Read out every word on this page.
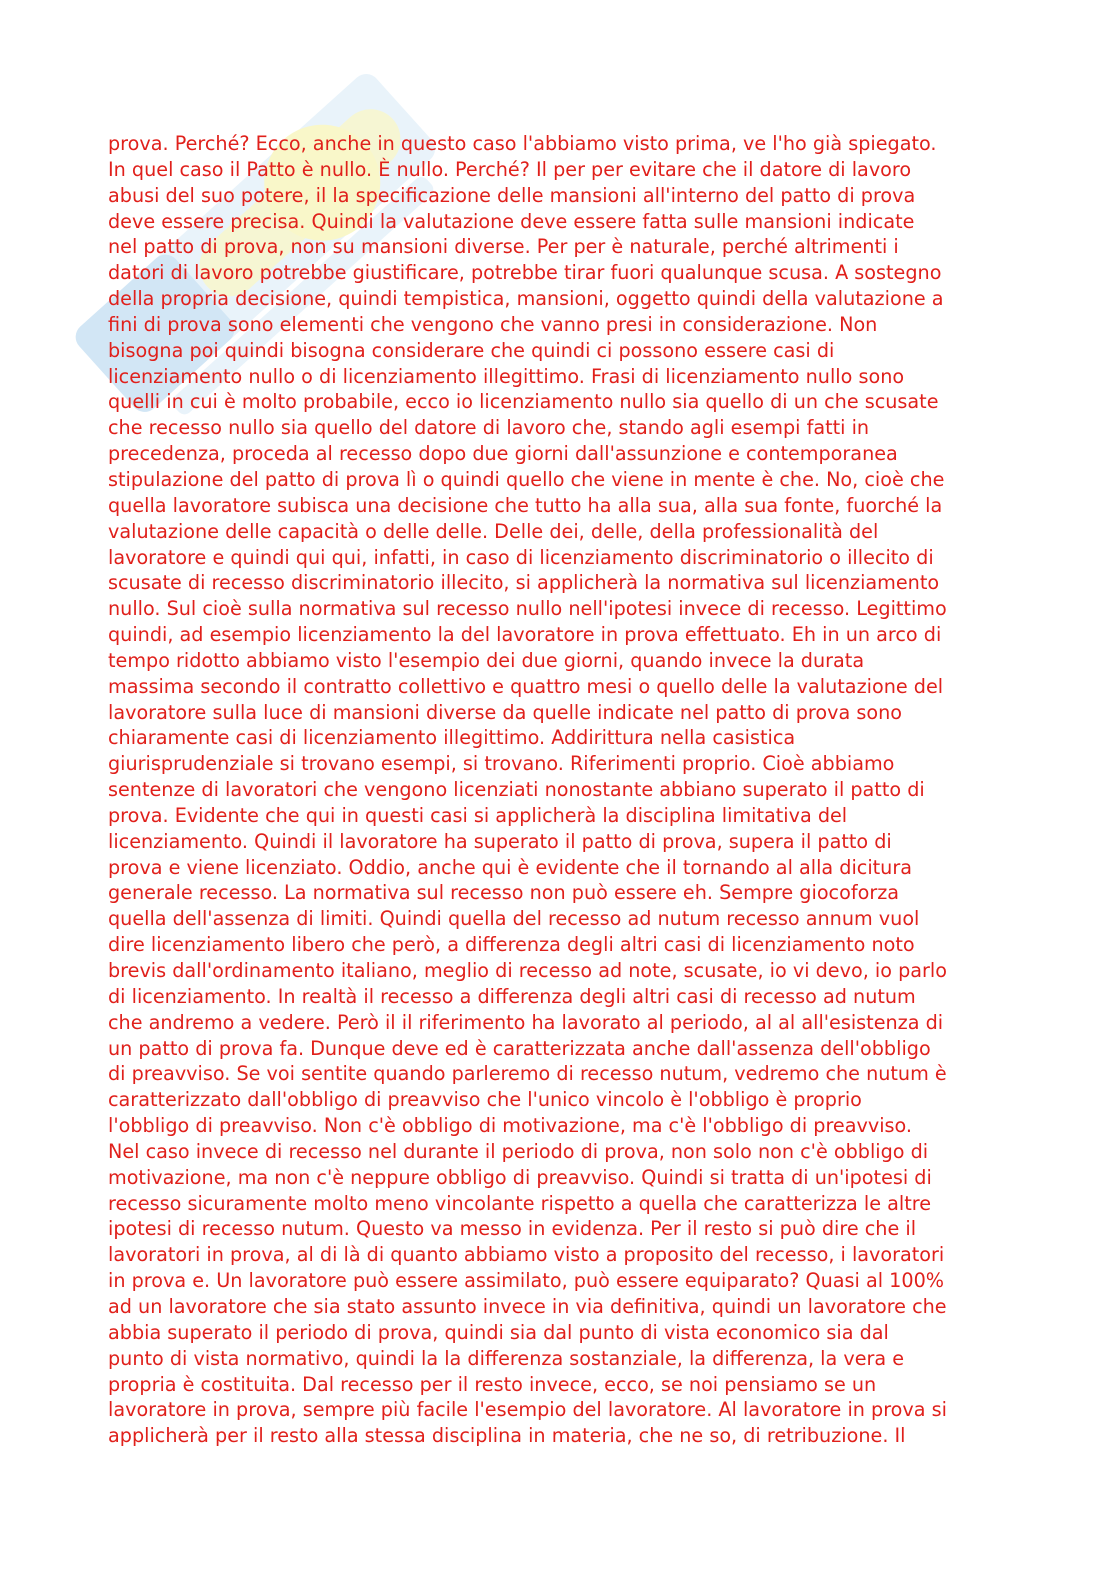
prova. Perché? Ecco, anche in questo caso l'abbiamo visto prima, ve l'ho già spiegato.
In quel caso il Patto è nullo. È nullo. Perché? Il per per evitare che il datore di lavoro
abusi del suo potere, il la specificazione delle mansioni all'interno del patto di prova
deve essere precisa. Quindi la valutazione deve essere fatta sulle mansioni indicate
nel patto di prova, non su mansioni diverse. Per per è naturale, perché altrimenti i
datori di lavoro potrebbe giustificare, potrebbe tirar fuori qualunque scusa. A sostegno
della propria decisione, quindi tempistica, mansioni, oggetto quindi della valutazione a
fini di prova sono elementi che vengono che vanno presi in considerazione. Non
bisogna poi quindi bisogna considerare che quindi ci possono essere casi di
licenziamento nullo o di licenziamento illegittimo. Frasi di licenziamento nullo sono
quelli in cui è molto probabile, ecco io licenziamento nullo sia quello di un che scusate
che recesso nullo sia quello del datore di lavoro che, stando agli esempi fatti in
precedenza, proceda al recesso dopo due giorni dall'assunzione e contemporanea
stipulazione del patto di prova lì o quindi quello che viene in mente è che. No, cioè che
quella lavoratore subisca una decisione che tutto ha alla sua, alla sua fonte, fuorché la
valutazione delle capacità o delle delle. Delle dei, delle, della professionalità del
lavoratore e quindi qui qui, infatti, in caso di licenziamento discriminatorio o illecito di
scusate di recesso discriminatorio illecito, si applicherà la normativa sul licenziamento
nullo. Sul cioè sulla normativa sul recesso nullo nell'ipotesi invece di recesso. Legittimo
quindi, ad esempio licenziamento la del lavoratore in prova effettuato. Eh in un arco di
tempo ridotto abbiamo visto l'esempio dei due giorni, quando invece la durata
massima secondo il contratto collettivo e quattro mesi o quello delle la valutazione del
lavoratore sulla luce di mansioni diverse da quelle indicate nel patto di prova sono
chiaramente casi di licenziamento illegittimo. Addirittura nella casistica
giurisprudenziale si trovano esempi, si trovano. Riferimenti proprio. Cioè abbiamo
sentenze di lavoratori che vengono licenziati nonostante abbiano superato il patto di
prova. Evidente che qui in questi casi si applicherà la disciplina limitativa del
licenziamento. Quindi il lavoratore ha superato il patto di prova, supera il patto di
prova e viene licenziato. Oddio, anche qui è evidente che il tornando al alla dicitura
generale recesso. La normativa sul recesso non può essere eh. Sempre giocoforza
quella dell'assenza di limiti. Quindi quella del recesso ad nutum recesso annum vuol
dire licenziamento libero che però, a differenza degli altri casi di licenziamento noto
brevis dall'ordinamento italiano, meglio di recesso ad note, scusate, io vi devo, io parlo
di licenziamento. In realtà il recesso a differenza degli altri casi di recesso ad nutum
che andremo a vedere. Però il il riferimento ha lavorato al periodo, al al all'esistenza di
un patto di prova fa. Dunque deve ed è caratterizzata anche dall'assenza dell'obbligo
di preavviso. Se voi sentite quando parleremo di recesso nutum, vedremo che nutum è
caratterizzato dall'obbligo di preavviso che l'unico vincolo è l'obbligo è proprio
l'obbligo di preavviso. Non c'è obbligo di motivazione, ma c'è l'obbligo di preavviso.
Nel caso invece di recesso nel durante il periodo di prova, non solo non c'è obbligo di
motivazione, ma non c'è neppure obbligo di preavviso. Quindi si tratta di un'ipotesi di
recesso sicuramente molto meno vincolante rispetto a quella che caratterizza le altre
ipotesi di recesso nutum. Questo va messo in evidenza. Per il resto si può dire che il
lavoratori in prova, al di là di quanto abbiamo visto a proposito del recesso, i lavoratori
in prova e. Un lavoratore può essere assimilato, può essere equiparato? Quasi al 100%
ad un lavoratore che sia stato assunto invece in via definitiva, quindi un lavoratore che
abbia superato il periodo di prova, quindi sia dal punto di vista economico sia dal
punto di vista normativo, quindi la la differenza sostanziale, la differenza, la vera e
propria è costituita. Dal recesso per il resto invece, ecco, se noi pensiamo se un
lavoratore in prova, sempre più facile l'esempio del lavoratore. Al lavoratore in prova si
applicherà per il resto alla stessa disciplina in materia, che ne so, di retribuzione. Il
